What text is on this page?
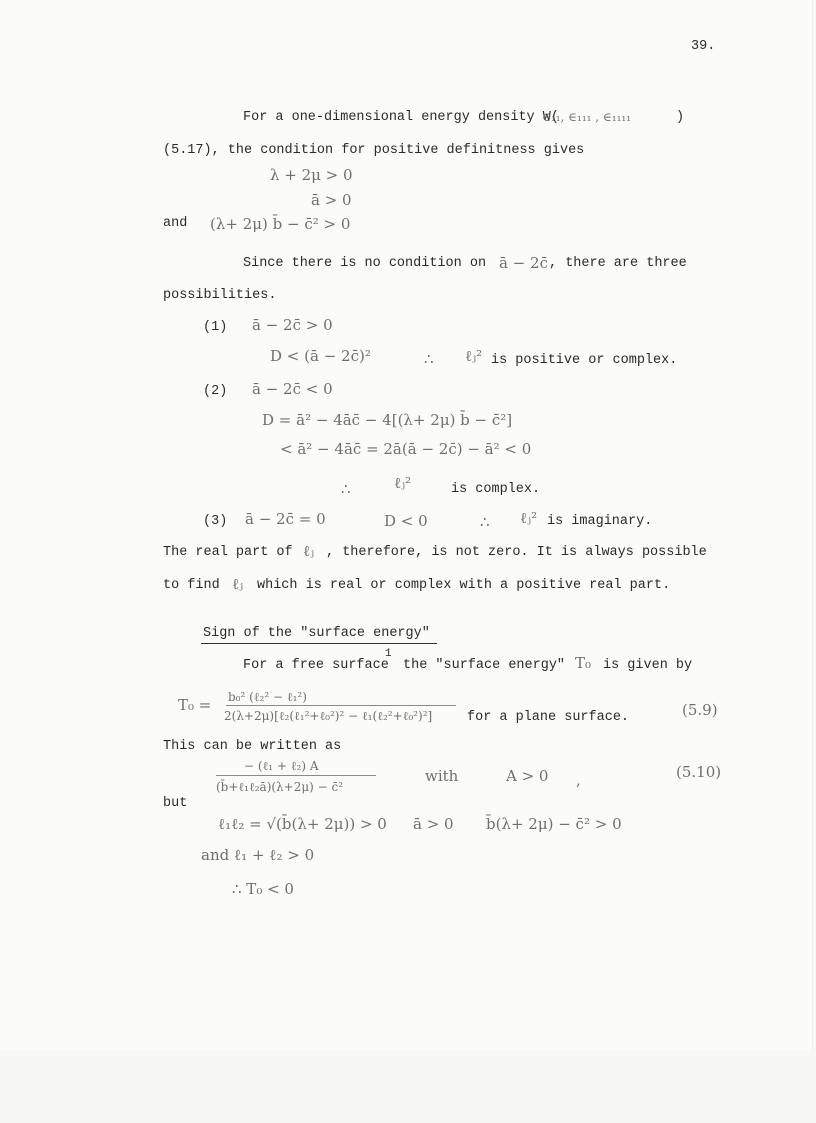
39.
For a one-dimensional energy density W(
∈₁₁, ∈₁₁₁ , ∈₁₁₁₁	)
(5.17), the condition for positive definitness gives
λ + 2μ > 0
ā > 0
and (λ+ 2μ) b̄ − c̄² > 0
Since there is no condition on ā − 2c̄ , there are three
possibilities.
(1) ā − 2c̄ > 0
D < (ā − 2c̄)²	∴ ℓⱼ² is positive or complex.
(2) ā − 2c̄ < 0
D = ā² − 4āc̄ − 4[(λ+ 2μ) b̄ − c̄²]
< ā² − 4āc̄ = 2ā(ā − 2c̄) − ā² < 0
∴	ℓⱼ²	is complex.
(3) ā − 2c̄ = 0	D < 0	∴ ℓⱼ² is imaginary.
The real part of ℓⱼ , therefore, is not zero. It is always possible
to find ℓⱼ which is real or complex with a positive real part.
Sign of the "surface energy"
For a free surface
1
the "surface energy" T₀ is given by
T₀ = b₀² (ℓ₂² − ℓ₁²)
2(λ+2μ)[ℓ₂(ℓ₁²+ℓ₀²)² − ℓ₁(ℓ₂²+ℓ₀²)²]	for a plane surface.	(5.9)
This can be written as
− (ℓ₁ + ℓ₂) A
(b̄+ℓ₁ℓ₂ā)(λ+2μ) − c̄²
with	A > 0 ,	(5.10)
but
ℓ₁ℓ₂ = √(b̄(λ+ 2μ)) > 0 ā > 0 b̄(λ+ 2μ) − c̄² > 0
and ℓ₁ + ℓ₂ > 0
∴ T₀ < 0
